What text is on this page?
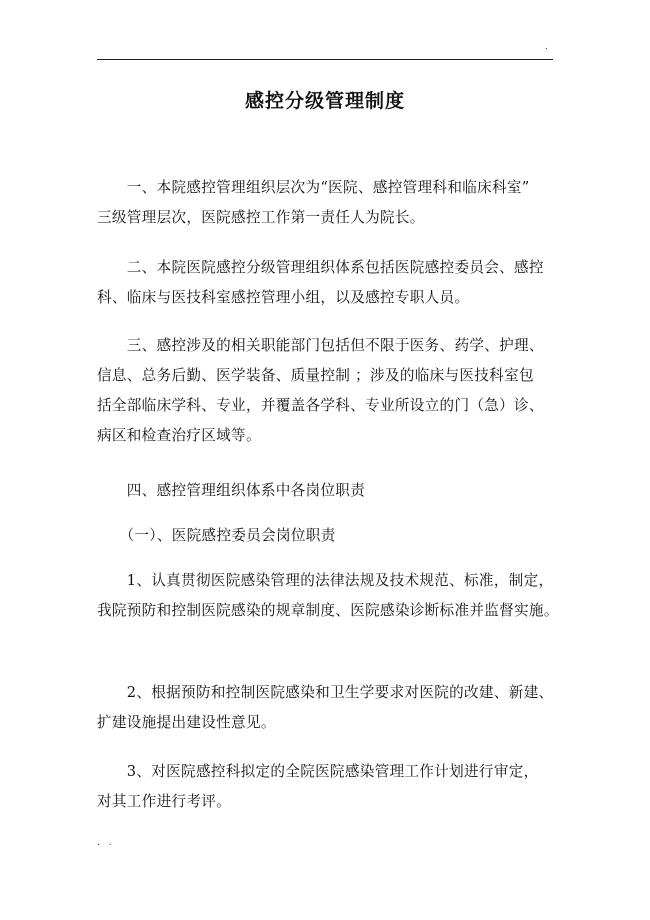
.
感控分级管理制度
　　一、本院感控管理组织层次为“医院、感控管理科和临床科室”
三级管理层次，医院感控工作第一责任人为院长。
　　二、本院医院感控分级管理组织体系包括医院感控委员会、感控
科、临床与医技科室感控管理小组，以及感控专职人员。
　　三、感控涉及的相关职能部门包括但不限于医务、药学、护理、
信息、总务后勤、医学装备、质量控制 ；涉及的临床与医技科室包
括全部临床学科、专业，并覆盖各学科、专业所设立的门（急）诊、
病区和检查治疗区域等。
　　四、感控管理组织体系中各岗位职责
　　（一）、医院感控委员会岗位职责
　　1、认真贯彻医院感染管理的法律法规及技术规范、标准，制定，
我院预防和控制医院感染的规章制度、医院感染诊断标准并监督实施。
　　2、根据预防和控制医院感染和卫生学要求对医院的改建、新建、
扩建设施提出建设性意见。
　　3、对医院感控科拟定的全院医院感染管理工作计划进行审定，
对其工作进行考评。
. .
